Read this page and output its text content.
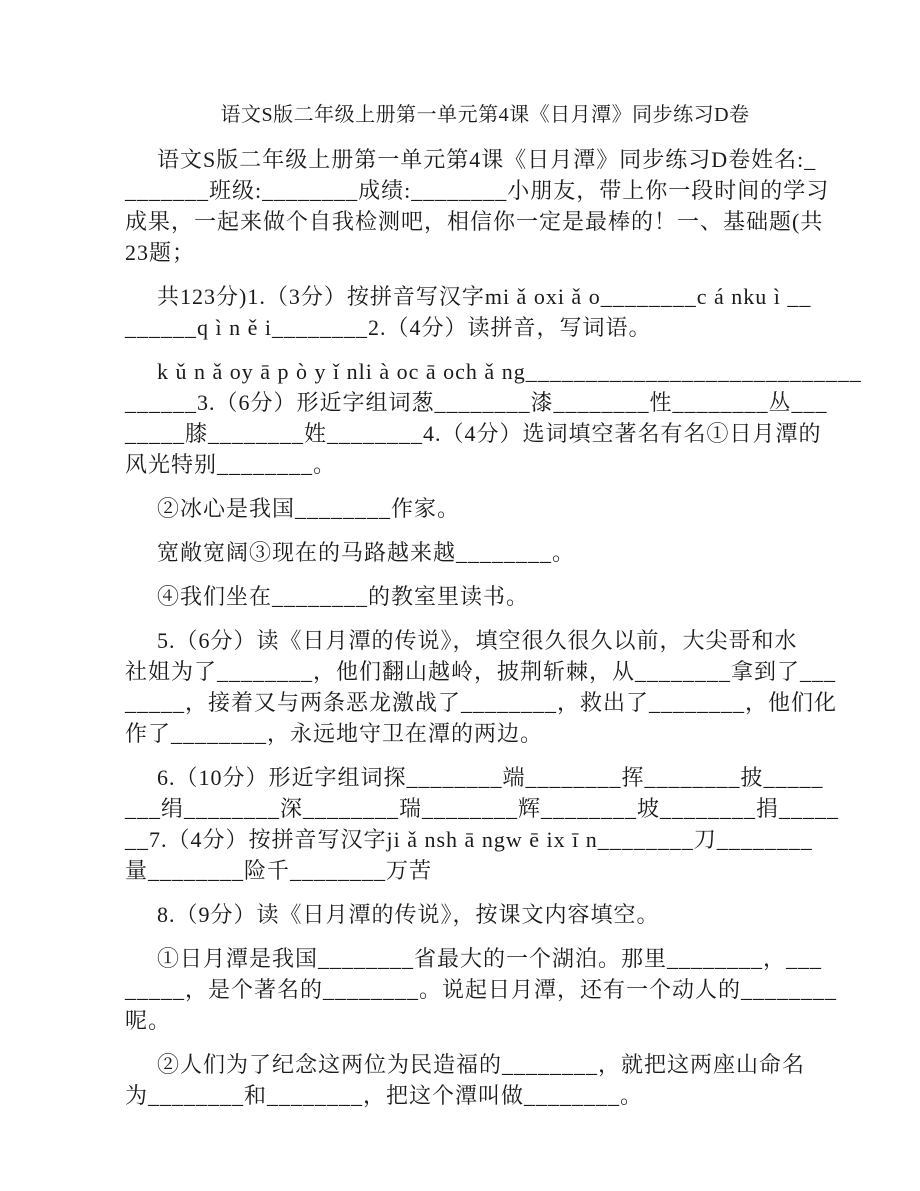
语文S版二年级上册第一单元第4课《日月潭》同步练习D卷
语文S版二年级上册第一单元第4课《日月潭》同步练习D卷姓名:_
_______班级:________成绩:________小朋友，带上你一段时间的学习
成果，一起来做个自我检测吧，相信你一定是最棒的！一、基础题(共
23题；
共123分)1.（3分）按拼音写汉字mi ǎ oxi ǎ o________c á nku ì __
______q ì n ě i________2.（4分）读拼音，写词语。
k ǔ n ǎ oy ā p ò y ǐ nli à oc ā och ǎ ng____________________________
______3.（6分）形近字组词葱________漆________性________丛___
_____膝________姓________4.（4分）选词填空著名有名①日月潭的
风光特别________。
②冰心是我国________作家。
宽敞宽阔③现在的马路越来越________。
④我们坐在________的教室里读书。
5.（6分）读《日月潭的传说》，填空很久很久以前，大尖哥和水
社姐为了________，他们翻山越岭，披荆斩棘，从________拿到了___
_____，接着又与两条恶龙激战了________，救出了________，他们化
作了________，永远地守卫在潭的两边。
6.（10分）形近字组词探________端________挥________披_____
___绢________深________瑞________辉________坡________捐_____
__7.（4分）按拼音写汉字ji ǎ nsh ā ngw ē ix ī n________刀________
量________险千________万苦
8.（9分）读《日月潭的传说》，按课文内容填空。
①日月潭是我国________省最大的一个湖泊。那里________，___
_____，是个著名的________。说起日月潭，还有一个动人的________
呢。
②人们为了纪念这两位为民造福的________，就把这两座山命名
为________和________，把这个潭叫做________。
